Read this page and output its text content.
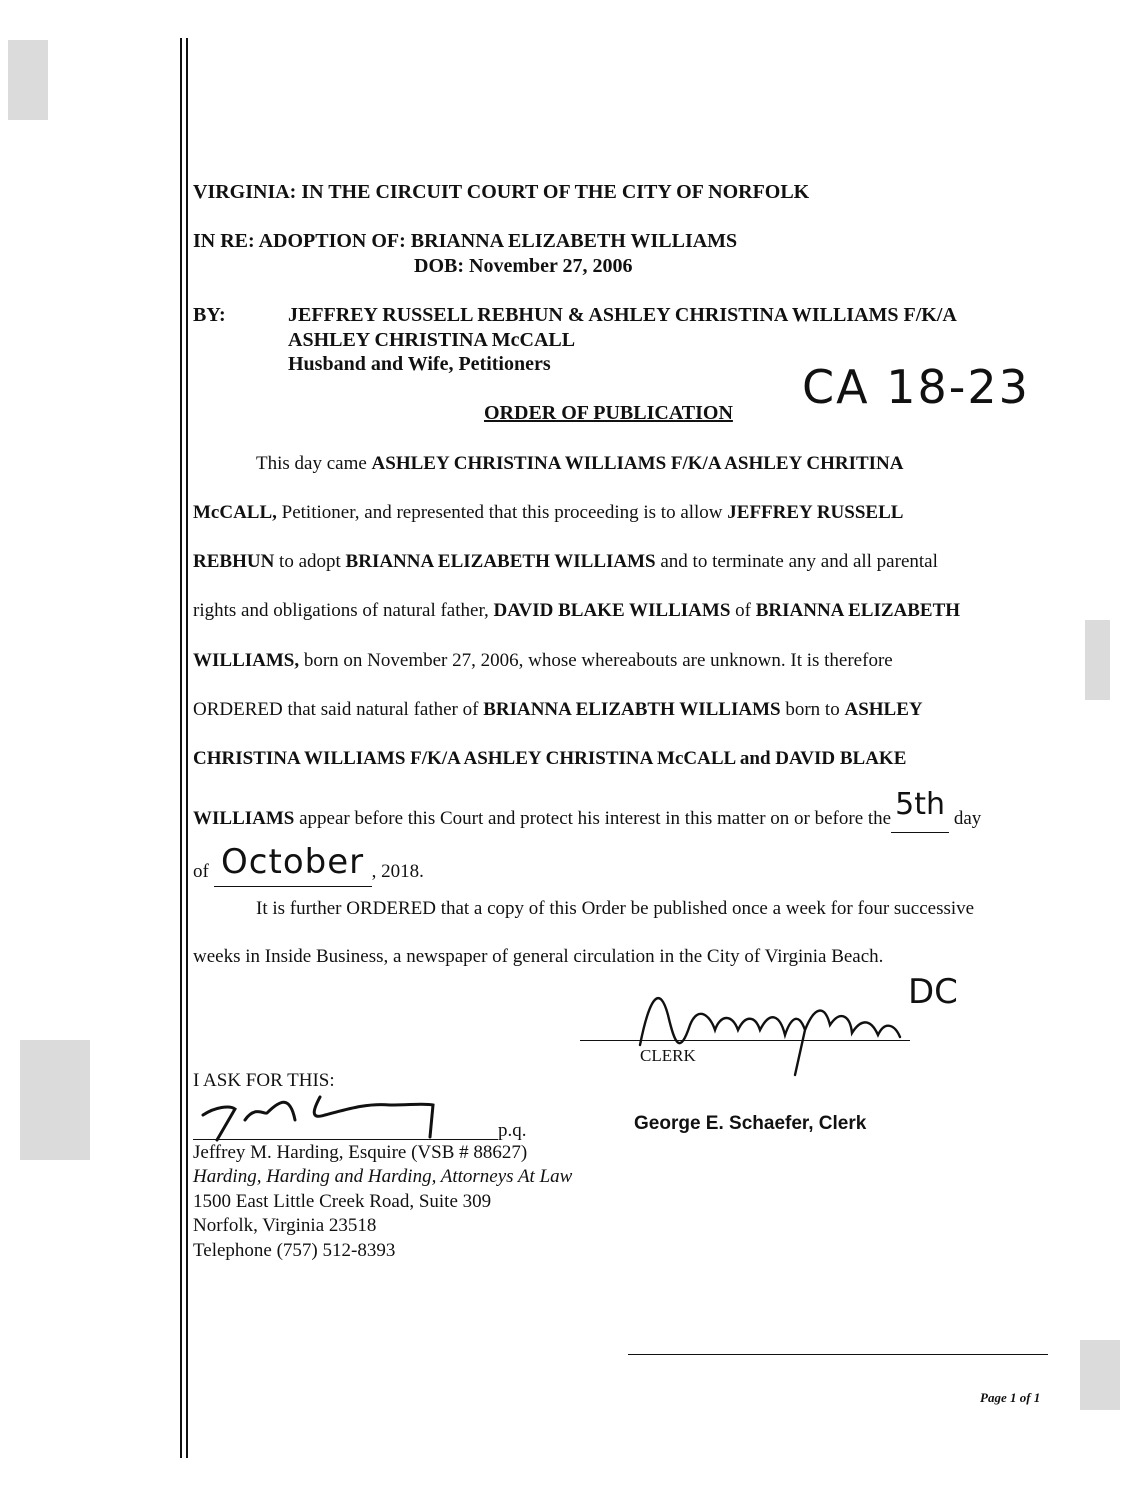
VIRGINIA: IN THE CIRCUIT COURT OF THE CITY OF NORFOLK
IN RE: ADOPTION OF: BRIANNA ELIZABETH WILLIAMS
DOB: November 27, 2006
BY:	JEFFREY RUSSELL REBHUN & ASHLEY CHRISTINA WILLIAMS F/K/A
ASHLEY CHRISTINA McCALL
Husband and Wife, Petitioners	CA 18-23
ORDER OF PUBLICATION
This day came ASHLEY CHRISTINA WILLIAMS F/K/A ASHLEY CHRITINA
McCALL, Petitioner, and represented that this proceeding is to allow JEFFREY RUSSELL
REBHUN to adopt BRIANNA ELIZABETH WILLIAMS and to terminate any and all parental
rights and obligations of natural father, DAVID BLAKE WILLIAMS of BRIANNA ELIZABETH
WILLIAMS, born on November 27, 2006, whose whereabouts are unknown. It is therefore
ORDERED that said natural father of BRIANNA ELIZABTH WILLIAMS born to ASHLEY
CHRISTINA WILLIAMS F/K/A ASHLEY CHRISTINA McCALL and DAVID BLAKE
WILLIAMS appear before this Court and protect his interest in this matter on or before the 5th day
of October , 2018.
It is further ORDERED that a copy of this Order be published once a week for four successive
weeks in Inside Business, a newspaper of general circulation in the City of Virginia Beach.
DC
CLERK
George E. Schaefer, Clerk
I ASK FOR THIS:
p.q.
Jeffrey M. Harding, Esquire (VSB # 88627)
Harding, Harding and Harding, Attorneys At Law
1500 East Little Creek Road, Suite 309
Norfolk, Virginia 23518
Telephone (757) 512-8393
Page 1 of 1
